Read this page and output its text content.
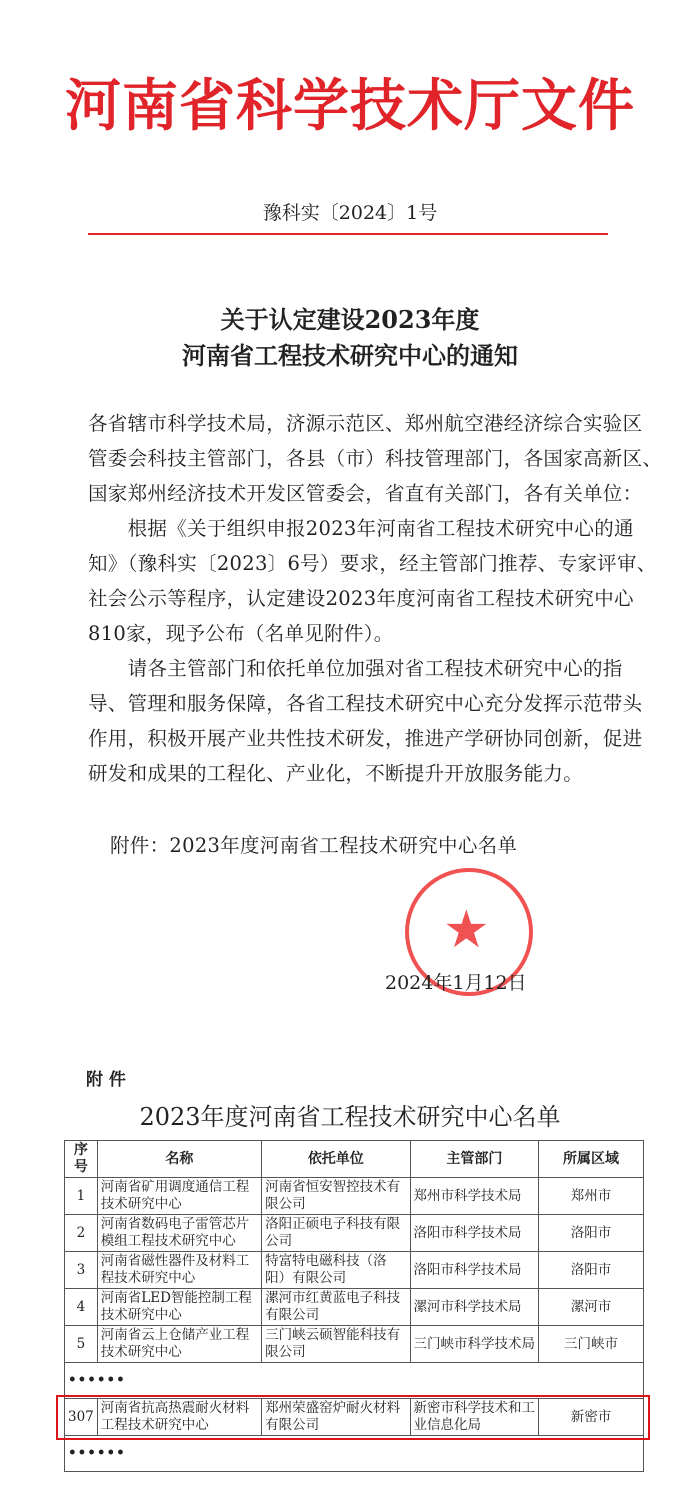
河南省科学技术厅文件
豫科实〔2024〕1号
关于认定建设2023年度
河南省工程技术研究中心的通知
各省辖市科学技术局，济源示范区、郑州航空港经济综合实验区
管委会科技主管部门，各县（市）科技管理部门，各国家高新区、
国家郑州经济技术开发区管委会，省直有关部门，各有关单位：
　　根据《关于组织申报2023年河南省工程技术研究中心的通
知》（豫科实〔2023〕6号）要求，经主管部门推荐、专家评审、
社会公示等程序，认定建设2023年度河南省工程技术研究中心
810家，现予公布（名单见附件）。
　　请各主管部门和依托单位加强对省工程技术研究中心的指
导、管理和服务保障，各省工程技术研究中心充分发挥示范带头
作用，积极开展产业共性技术研发，推进产学研协同创新，促进
研发和成果的工程化、产业化，不断提升开放服务能力。
附件：2023年度河南省工程技术研究中心名单
★
2024年1月12日
附 件
2023年度河南省工程技术研究中心名单
序号	名称	依托单位	主管部门	所属区域
1	河南省矿用调度通信工程技术研究中心	河南省恒安智控技术有限公司	郑州市科学技术局	郑州市
2	河南省数码电子雷管芯片模组工程技术研究中心	洛阳正硕电子科技有限公司	洛阳市科学技术局	洛阳市
3	河南省磁性器件及材料工程技术研究中心	特富特电磁科技（洛阳）有限公司	洛阳市科学技术局	洛阳市
4	河南省LED智能控制工程技术研究中心	漯河市红黄蓝电子科技有限公司	漯河市科学技术局	漯河市
5	河南省云上仓储产业工程技术研究中心	三门峡云硕智能科技有限公司	三门峡市科学技术局	三门峡市
••••••				
307	河南省抗高热震耐火材料工程技术研究中心	郑州荣盛窑炉耐火材料有限公司	新密市科学技术和工业信息化局	新密市
••••••				
